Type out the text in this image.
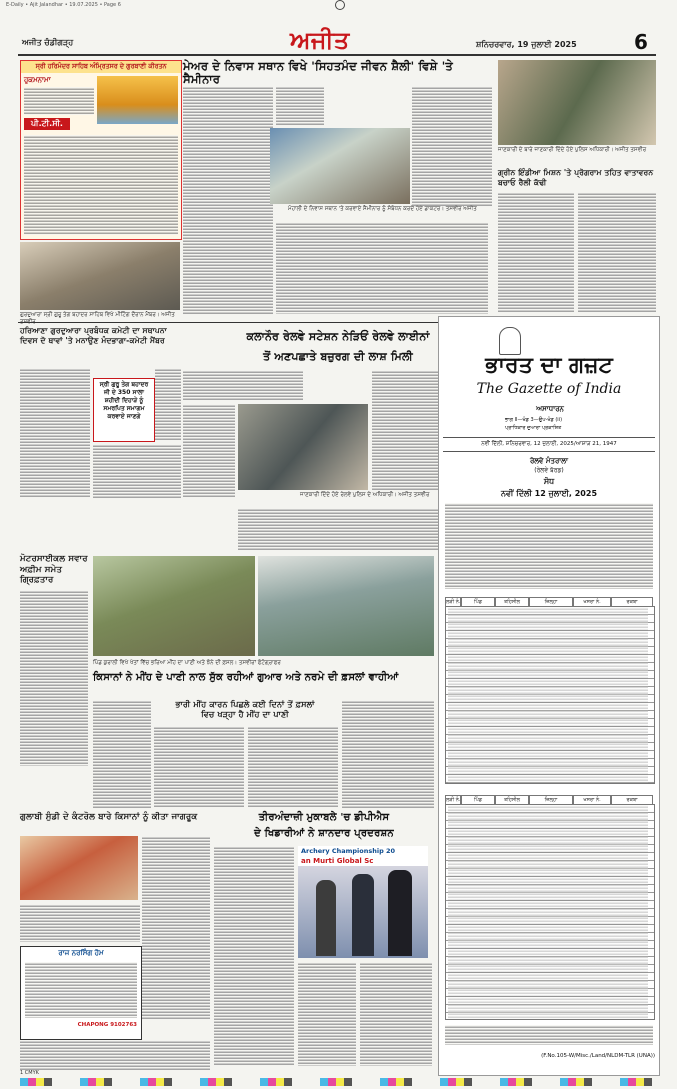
E-Daily • Ajit Jalandhar • 19.07.2025 • Page 6
ਅਜੀਤ ਚੰਡੀਗੜ੍ਹ	ਅਜੀਤ	ਸ਼ਨਿਚਰਵਾਰ, 19 ਜੁਲਾਈ 2025	6
ਸ੍ਰੀ ਹਰਿਮੰਦਰ ਸਾਹਿਬ ਅੰਮ੍ਰਿਤਸਰ ਦੇ ਗੁਰਬਾਣੀ ਕੀਰਤਨ
ਹੁਕਮਨਾਮਾ
ਪੀ.ਟੀ.ਸੀ.
ਗੁਰਦੁਆਰਾ ਸ੍ਰੀ ਗੁਰੂ ਤੇਗ ਬਹਾਦਰ ਸਾਹਿਬ ਵਿਖੇ ਮੀਟਿੰਗ ਦੌਰਾਨ ਮੈਂਬਰ। ਅਜੀਤ
ਮੇਅਰ ਦੇ ਨਿਵਾਸ ਸਥਾਨ ਵਿਖੇ 'ਸਿਹਤਮੰਦ ਜੀਵਨ ਸ਼ੈਲੀ' ਵਿਸ਼ੇ 'ਤੇ ਸੈਮੀਨਾਰ
ਮੋਹਾਲੀ ਦੇ ਨਿਵਾਸ ਸਥਾਨ 'ਤੇ ਕਰਵਾਏ ਸੈਮੀਨਾਰ ਨੂੰ ਸੰਬੋਧਨ ਕਰਦੇ ਹੋਏ ਡਾਕਟਰ। ਤਸਵੀਰ ਅਜੀਤ
ਜਾਣਕਾਰੀ ਦੇ ਬਾਰੇ ਜਾਣਕਾਰੀ ਦਿੰਦੇ ਹੋਏ ਪੁਲਿਸ ਅਧਿਕਾਰੀ। ਅਜੀਤ ਤਸਵੀਰ
ਗ੍ਰੀਨ ਇੰਡੀਆ ਮਿਸ਼ਨ 'ਤੇ ਪ੍ਰੋਗਰਾਮ ਤਹਿਤ ਵਾਤਾਵਰਨ ਬਚਾਓ ਰੈਲੀ ਕੱਢੀ
ਹਰਿਆਣਾ ਗੁਰਦੁਆਰਾ ਪ੍ਰਬੰਧਕ ਕਮੇਟੀ ਦਾ ਸਥਾਪਨਾ ਦਿਵਸ ਦੋ ਥਾਵਾਂ 'ਤੇ ਮਨਾਉਣ ਮੰਦਭਾਗਾ-ਕਮੇਟੀ ਮੈਂਬਰ
ਸ੍ਰੀ ਗੁਰੂ ਤੇਗ ਬਹਾਦਰ ਜੀ ਦੇ 350 ਸਾਲਾ ਸ਼ਹੀਦੀ ਦਿਹਾੜੇ ਨੂੰ ਸਮਰਪਿਤ ਸਮਾਗਮ ਕਰਵਾਏ ਜਾਣਗੇ
ਕਲਾਨੌਰ ਰੇਲਵੇ ਸਟੇਸ਼ਨ ਨੇੜਿਓਂ ਰੇਲਵੇ ਲਾਈਨਾਂ
ਤੋਂ ਅਣਪਛਾਤੇ ਬਜ਼ੁਰਗ ਦੀ ਲਾਸ਼ ਮਿਲੀ
ਜਾਣਕਾਰੀ ਦਿੰਦੇ ਹੋਏ ਰੇਲਵੇ ਪੁਲਿਸ ਦੇ ਅਧਿਕਾਰੀ। ਅਜੀਤ ਤਸਵੀਰ
ਮੋਟਰਸਾਈਕਲ ਸਵਾਰ ਅਫ਼ੀਮ ਸਮੇਤ ਗ੍ਰਿਫ਼ਤਾਰ
ਪਿੰਡ ਕੁਰਾਲੀ ਵਿਖੇ ਖੇਤਾਂ ਵਿੱਚ ਭਰਿਆ ਮੀਂਹ ਦਾ ਪਾਣੀ ਅਤੇ ਝੋਨੇ ਦੀ ਫ਼ਸਲ। ਤਸਵੀਰਾਂ ਫੋਟੋਗ੍ਰਾਫਰ
ਕਿਸਾਨਾਂ ਨੇ ਮੀਂਹ ਦੇ ਪਾਣੀ ਨਾਲ ਸੁੱਕ ਰਹੀਆਂ ਗੁਆਰ ਅਤੇ ਨਰਮੇ ਦੀ ਫ਼ਸਲਾਂ ਵਾਹੀਆਂ
ਭਾਰੀ ਮੀਂਹ ਕਾਰਨ ਪਿਛਲੇ ਕਈ ਦਿਨਾਂ ਤੋਂ ਫ਼ਸਲਾਂ ਵਿਚ ਖੜ੍ਹਾ ਹੈ ਮੀਂਹ ਦਾ ਪਾਣੀ
ਗੁਲਾਬੀ ਸੁੰਡੀ ਦੇ ਕੰਟਰੋਲ ਬਾਰੇ ਕਿਸਾਨਾਂ ਨੂੰ ਕੀਤਾ ਜਾਗਰੂਕ
ਰਾਜ ਨਰਸਿੰਗ ਹੋਮ
CHAPONG 9102763
ਤੀਰਅੰਦਾਜ਼ੀ ਮੁਕਾਬਲੇ 'ਚ ਡੀਪੀਐਸ
ਦੇ ਖਿਡਾਰੀਆਂ ਨੇ ਸ਼ਾਨਦਾਰ ਪ੍ਰਦਰਸ਼ਨ
Archery Championship 20
an Murti Global Sc
ਭਾਰਤ ਦਾ ਗਜ਼ਟ
The Gazette of India
ਅਸਾਧਾਰਨ
ਭਾਗ II—ਖੰਡ 3—ਉਪ-ਖੰਡ (ii)
ਪ੍ਰਾਧਿਕਾਰ ਦੁਆਰਾ ਪ੍ਰਕਾਸ਼ਿਤ
ਨਵੀਂ ਦਿੱਲੀ, ਸ਼ਨਿਚਰਵਾਰ, 12 ਜੁਲਾਈ, 2025/ਆਸ਼ਾੜ 21, 1947
ਰੇਲਵੇ ਮੰਤਰਾਲਾ
(ਰੇਲਵੇ ਬੋਰਡ)
ਸੋਧ
ਨਵੀਂ ਦਿੱਲੀ 12 ਜੁਲਾਈ, 2025
ਲੜੀ ਨੰ.	ਪਿੰਡ	ਤਹਿਸੀਲ	ਜ਼ਿਲ੍ਹਾ	ਖਸਰਾ ਨੰ.	ਰਕਬਾ
ਲੜੀ ਨੰ.	ਪਿੰਡ	ਤਹਿਸੀਲ	ਜ਼ਿਲ੍ਹਾ	ਖਸਰਾ ਨੰ.	ਰਕਬਾ
(F.No.105-W/Misc./Land/NLDM-TLR (UNA))
1 CMYK
